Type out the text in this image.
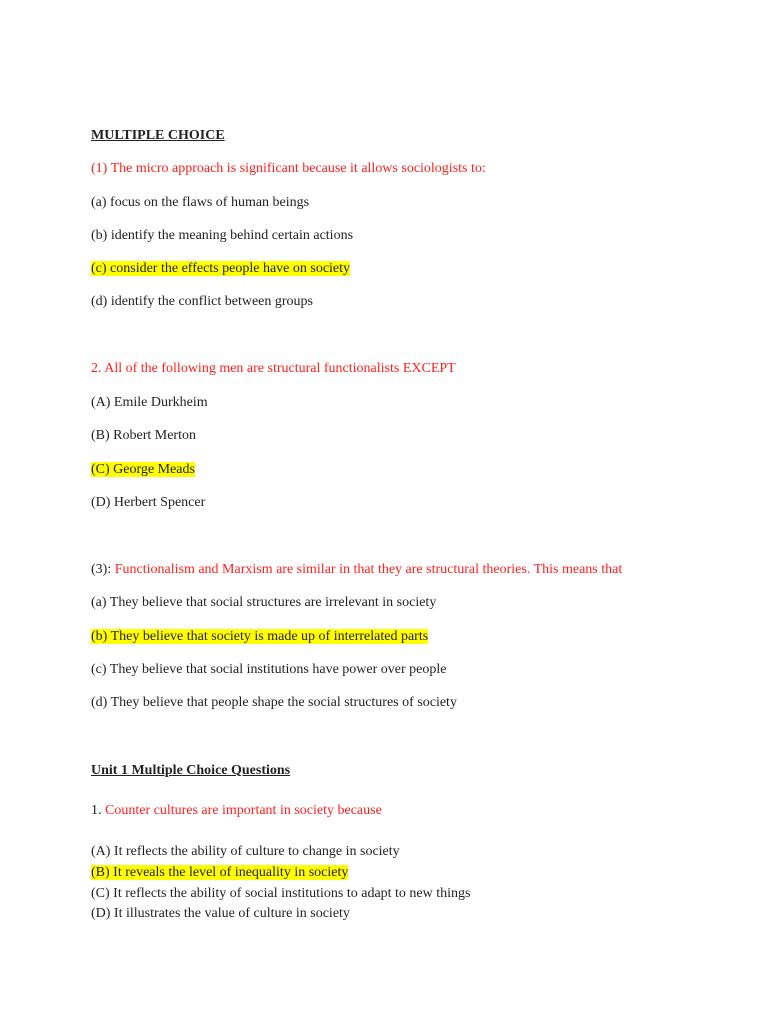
MULTIPLE CHOICE
(1) The micro approach is significant because it allows sociologists to:
(a) focus on the flaws of human beings
(b) identify the meaning behind certain actions
(c) consider the effects people have on society
(d) identify the conflict between groups
2. All of the following men are structural functionalists EXCEPT
(A) Emile Durkheim
(B) Robert Merton
(C) George Meads
(D) Herbert Spencer
(3): Functionalism and Marxism are similar in that they are structural theories. This means that
(a) They believe that social structures are irrelevant in society
(b) They believe that society is made up of interrelated parts
(c) They believe that social institutions have power over people
(d) They believe that people shape the social structures of society
Unit 1 Multiple Choice Questions
1. Counter cultures are important in society because
(A) It reflects the ability of culture to change in society
(B) It reveals the level of inequality in society
(C) It reflects the ability of social institutions to adapt to new things
(D) It illustrates the value of culture in society
